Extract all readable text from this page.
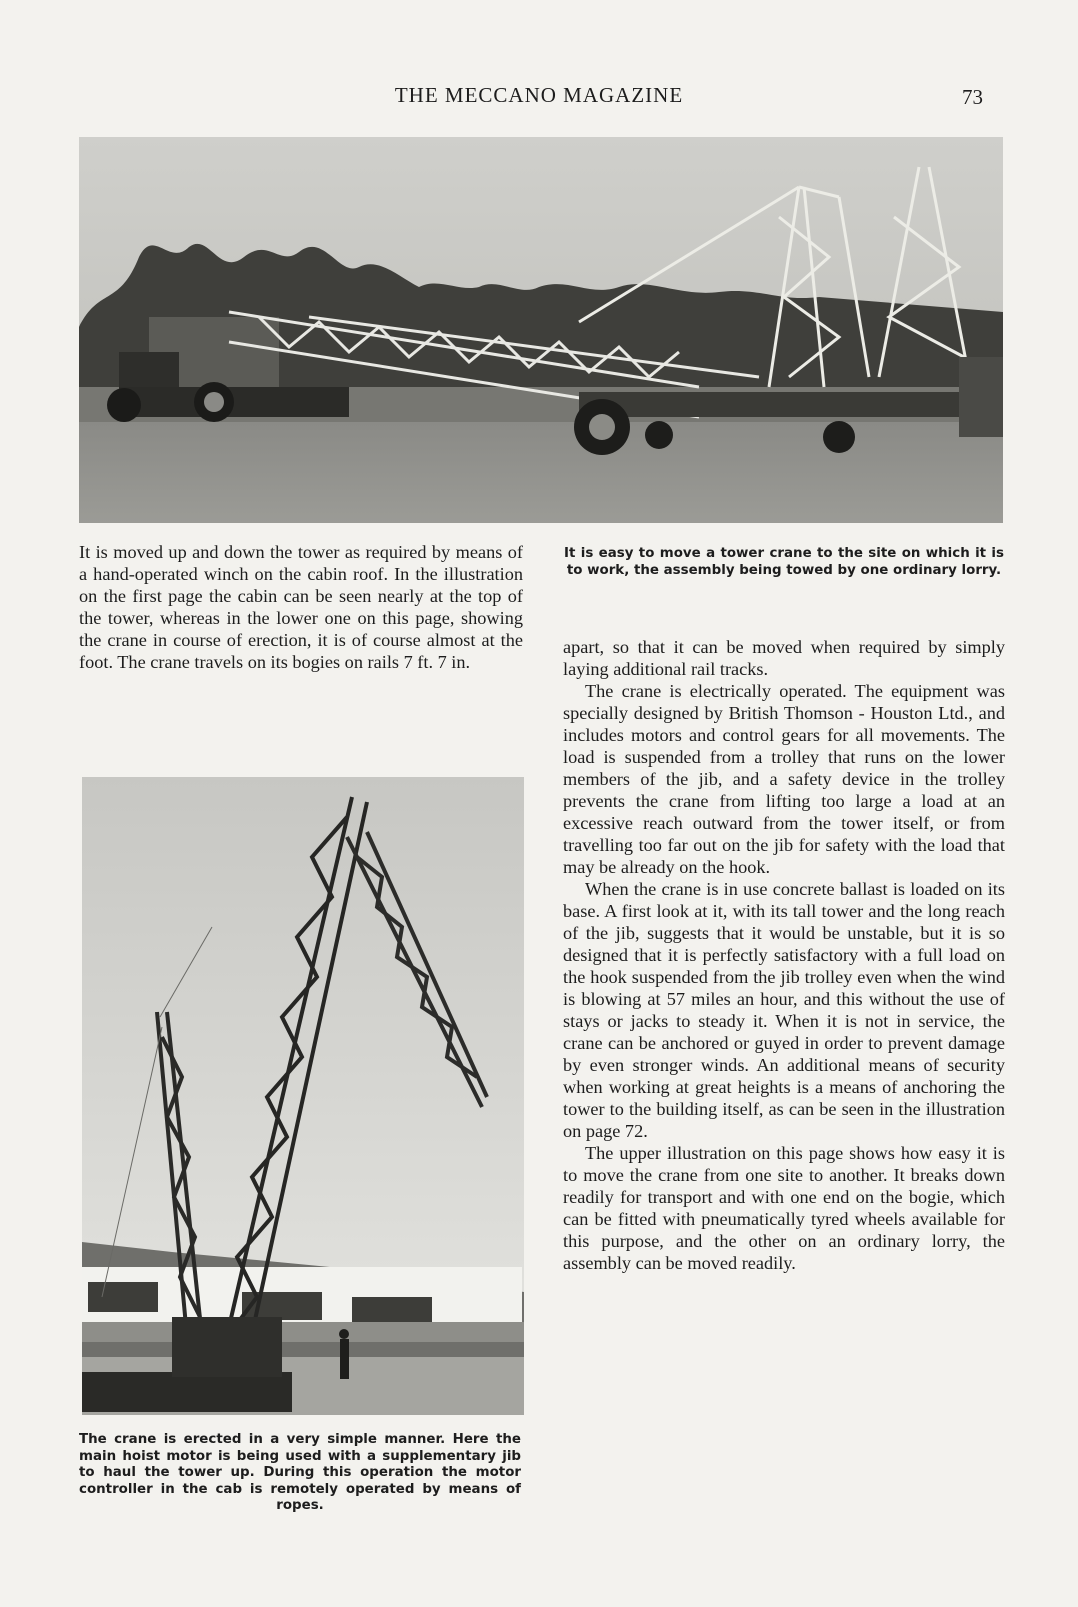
THE MECCANO MAGAZINE	73

It is moved up and down the tower as required by means of a hand-operated winch on the cabin roof. In the illustration on the first page the cabin can be seen nearly at the top of the tower, whereas in the lower one on this page, showing the crane in course of erection, it is of course almost at the foot. The crane travels on its bogies on rails 7 ft. 7 in.

It is easy to move a tower crane to the site on which it is to work, the assembly being towed by one ordinary lorry.
The crane is erected in a very simple manner. Here the main hoist motor is being used with a supplementary jib to haul the tower up. During this operation the motor controller in the cab is remotely operated by means of ropes.

apart, so that it can be moved when required by simply laying additional rail tracks.

The crane is electrically operated. The equipment was specially designed by British Thomson - Houston Ltd., and includes motors and control gears for all movements. The load is suspended from a trolley that runs on the lower members of the jib, and a safety device in the trolley prevents the crane from lifting too large a load at an excessive reach outward from the tower itself, or from travelling too far out on the jib for safety with the load that may be already on the hook.

When the crane is in use concrete ballast is loaded on its base. A first look at it, with its tall tower and the long reach of the jib, suggests that it would be unstable, but it is so designed that it is perfectly satisfactory with a full load on the hook suspended from the jib trolley even when the wind is blowing at 57 miles an hour, and this without the use of stays or jacks to steady it. When it is not in service, the crane can be anchored or guyed in order to prevent damage by even stronger winds. An additional means of security when working at great heights is a means of anchoring the tower to the building itself, as can be seen in the illustration on page 72.

The upper illustration on this page shows how easy it is to move the crane from one site to another. It breaks down readily for transport and with one end on the bogie, which can be fitted with pneumatically tyred wheels available for this purpose, and the other on an ordinary lorry, the assembly can be moved readily.
